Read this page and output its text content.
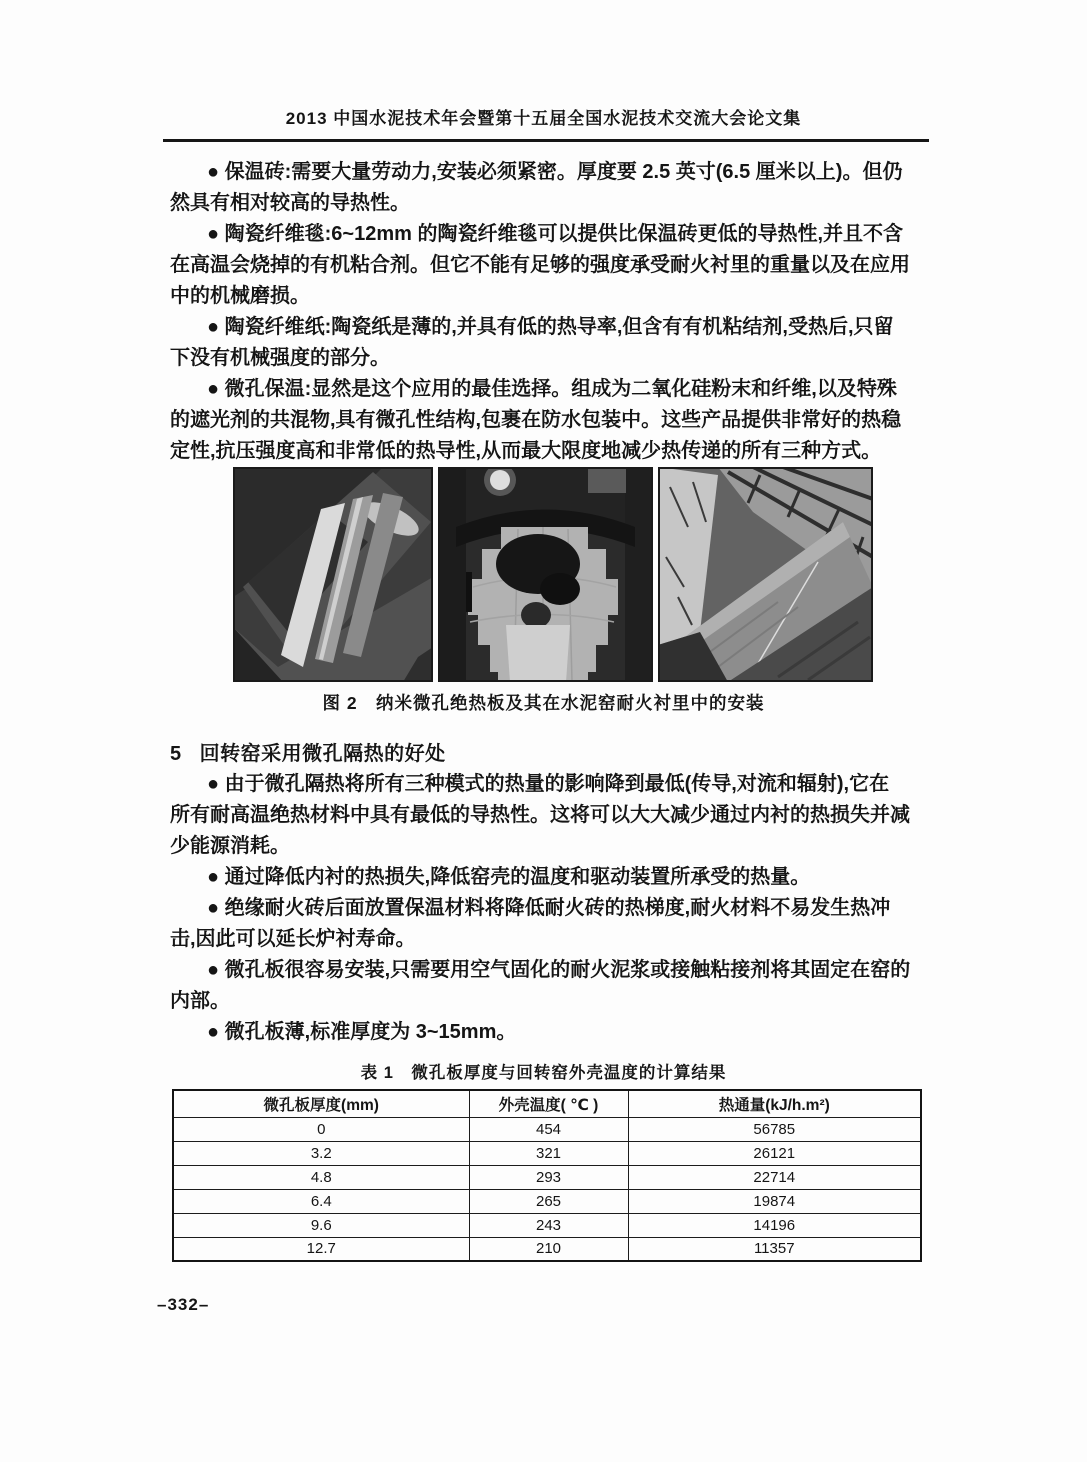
2013 中国水泥技术年会暨第十五届全国水泥技术交流大会论文集
● 保温砖:需要大量劳动力,安装必须紧密。厚度要 2.5 英寸(6.5 厘米以上)。但仍
然具有相对较高的导热性。
● 陶瓷纤维毯:6~12mm 的陶瓷纤维毯可以提供比保温砖更低的导热性,并且不含
在高温会烧掉的有机粘合剂。但它不能有足够的强度承受耐火衬里的重量以及在应用
中的机械磨损。
● 陶瓷纤维纸:陶瓷纸是薄的,并具有低的热导率,但含有有机粘结剂,受热后,只留
下没有机械强度的部分。
● 微孔保温:显然是这个应用的最佳选择。组成为二氧化硅粉末和纤维,以及特殊
的遮光剂的共混物,具有微孔性结构,包裹在防水包装中。这些产品提供非常好的热稳
定性,抗压强度高和非常低的热导性,从而最大限度地减少热传递的所有三种方式。
图 2　纳米微孔绝热板及其在水泥窑耐火衬里中的安装
5 回转窑采用微孔隔热的好处
● 由于微孔隔热将所有三种模式的热量的影响降到最低(传导,对流和辐射),它在
所有耐高温绝热材料中具有最低的导热性。这将可以大大减少通过内衬的热损失并减
少能源消耗。
● 通过降低内衬的热损失,降低窑壳的温度和驱动装置所承受的热量。
● 绝缘耐火砖后面放置保温材料将降低耐火砖的热梯度,耐火材料不易发生热冲
击,因此可以延长炉衬寿命。
● 微孔板很容易安装,只需要用空气固化的耐火泥浆或接触粘接剂将其固定在窑的
内部。
● 微孔板薄,标准厚度为 3~15mm。
表 1　微孔板厚度与回转窑外壳温度的计算结果
微孔板厚度(mm)	外壳温度( ℃ )	热通量(kJ/h.m²)
0	454	56785
3.2	321	26121
4.8	293	22714
6.4	265	19874
9.6	243	14196
12.7	210	11357
–332–
